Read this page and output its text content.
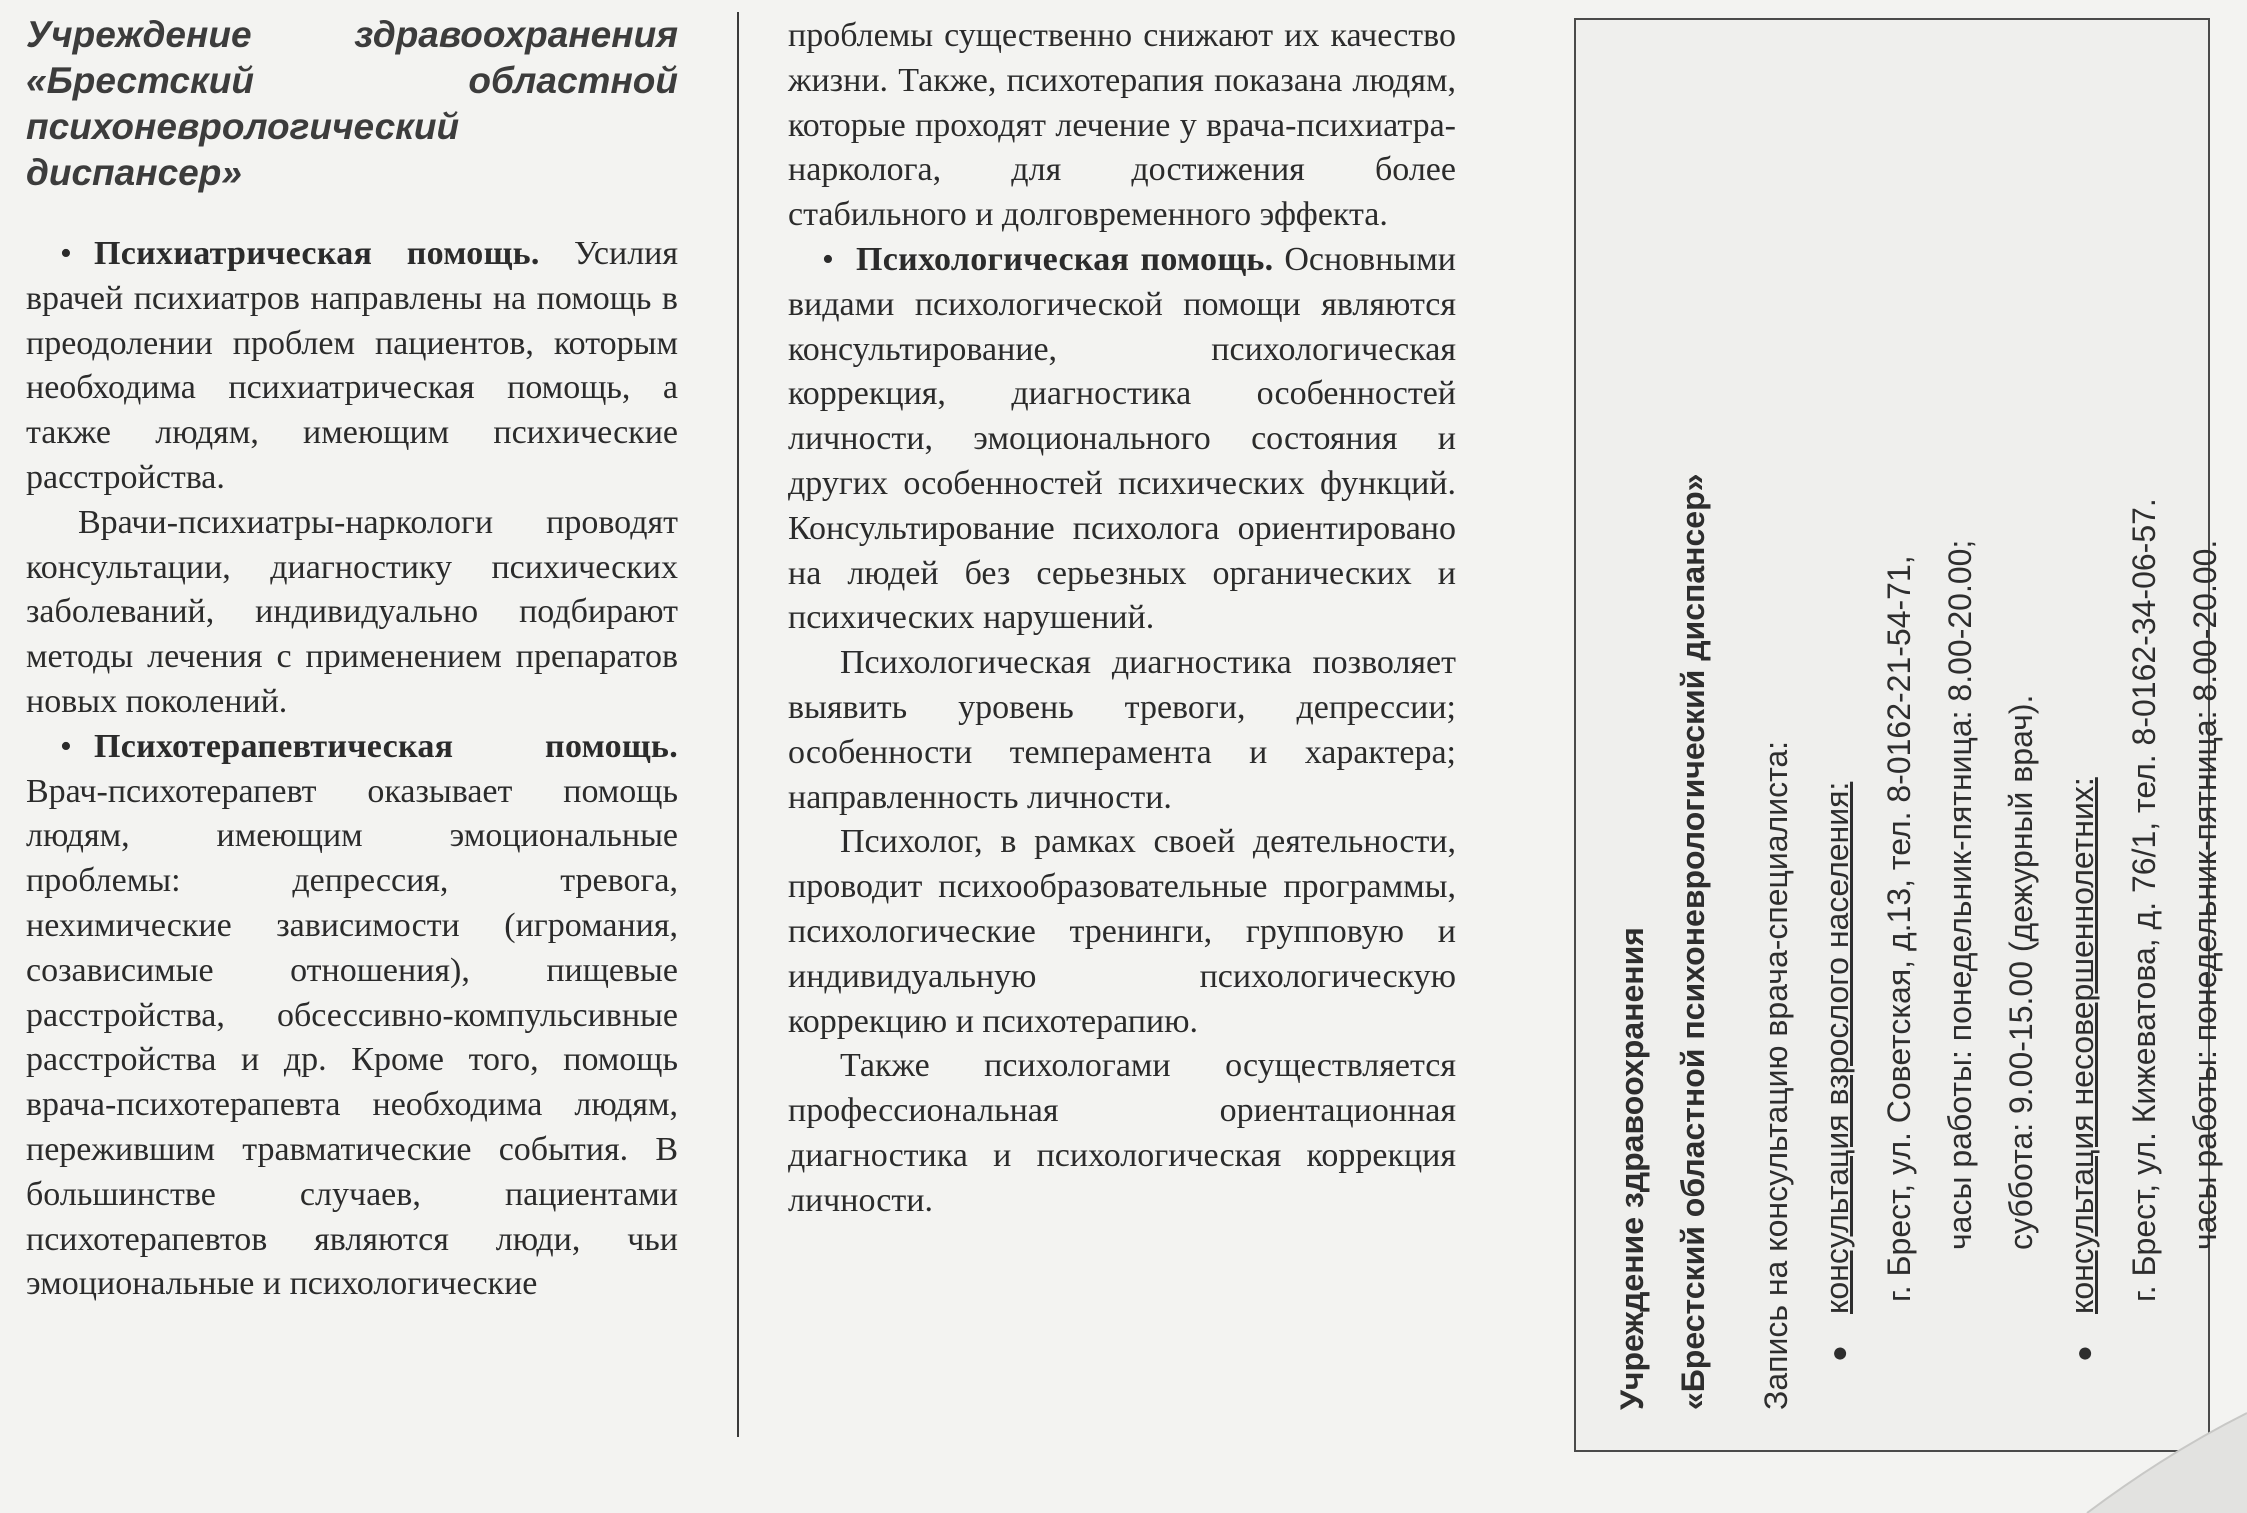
Учреждение здравоохранения «Брестский областной психоневрологический
диспансер»

• Психиатрическая помощь. Усилия врачей психиатров направлены на помощь в преодолении проблем пациентов, которым необходима психиатрическая помощь, а также людям, имеющим психические расстройства.

Врачи-психиатры-наркологи проводят консультации, диагностику психических заболеваний, индивидуально подбирают методы лечения с применением препаратов новых поколений.

• Психотерапевтическая помощь. Врач-психотерапевт оказывает помощь людям, имеющим эмоциональные проблемы: депрессия, тревога, нехимические зависимости (игромания, созависимые отношения), пищевые расстройства, обсессивно-компульсивные расстройства и др. Кроме того, помощь врача-психотерапевта необходима людям, пережившим травматические события. В большинстве случаев, пациентами психотерапевтов являются люди, чьи эмоциональные и психологические

проблемы существенно снижают их качество жизни. Также, психотерапия показана людям, которые проходят лечение у врача-психиатра-нарколога, для достижения более стабильного и долговременного эффекта.

• Психологическая помощь. Основными видами психологической помощи являются консультирование, психологическая коррекция, диагностика особенностей личности, эмоционального состояния и других особенностей психических функций. Консультирование психолога ориентировано на людей без серьезных органических и психических нарушений.

Психологическая диагностика позволяет выявить уровень тревоги, депрессии; особенности темперамента и характера; направленность личности.

Психолог, в рамках своей деятельности, проводит психообразовательные программы, психологические тренинги, групповую и индивидуальную психологическую коррекцию и психотерапию.

Также психологами осуществляется профессиональная ориентационная диагностика и психологическая коррекция личности.	Учреждение здравоохранения «Брестский областной психоневрологический диспансер»	Запись на консультацию врача-специалиста:	●консультация взрослого населения: г. Брест, ул. Советская, д.13, тел. 8-0162-21-54-71, часы работы: понедельник-пятница: 8.00-20.00; суббота: 9.00-15.00 (дежурный врач).
●консультация несовершеннолетних: г. Брест, ул. Кижеватова, д. 76/1, тел. 8-0162-34-06-57. часы работы: понедельник-пятница: 8.00-20.00.
